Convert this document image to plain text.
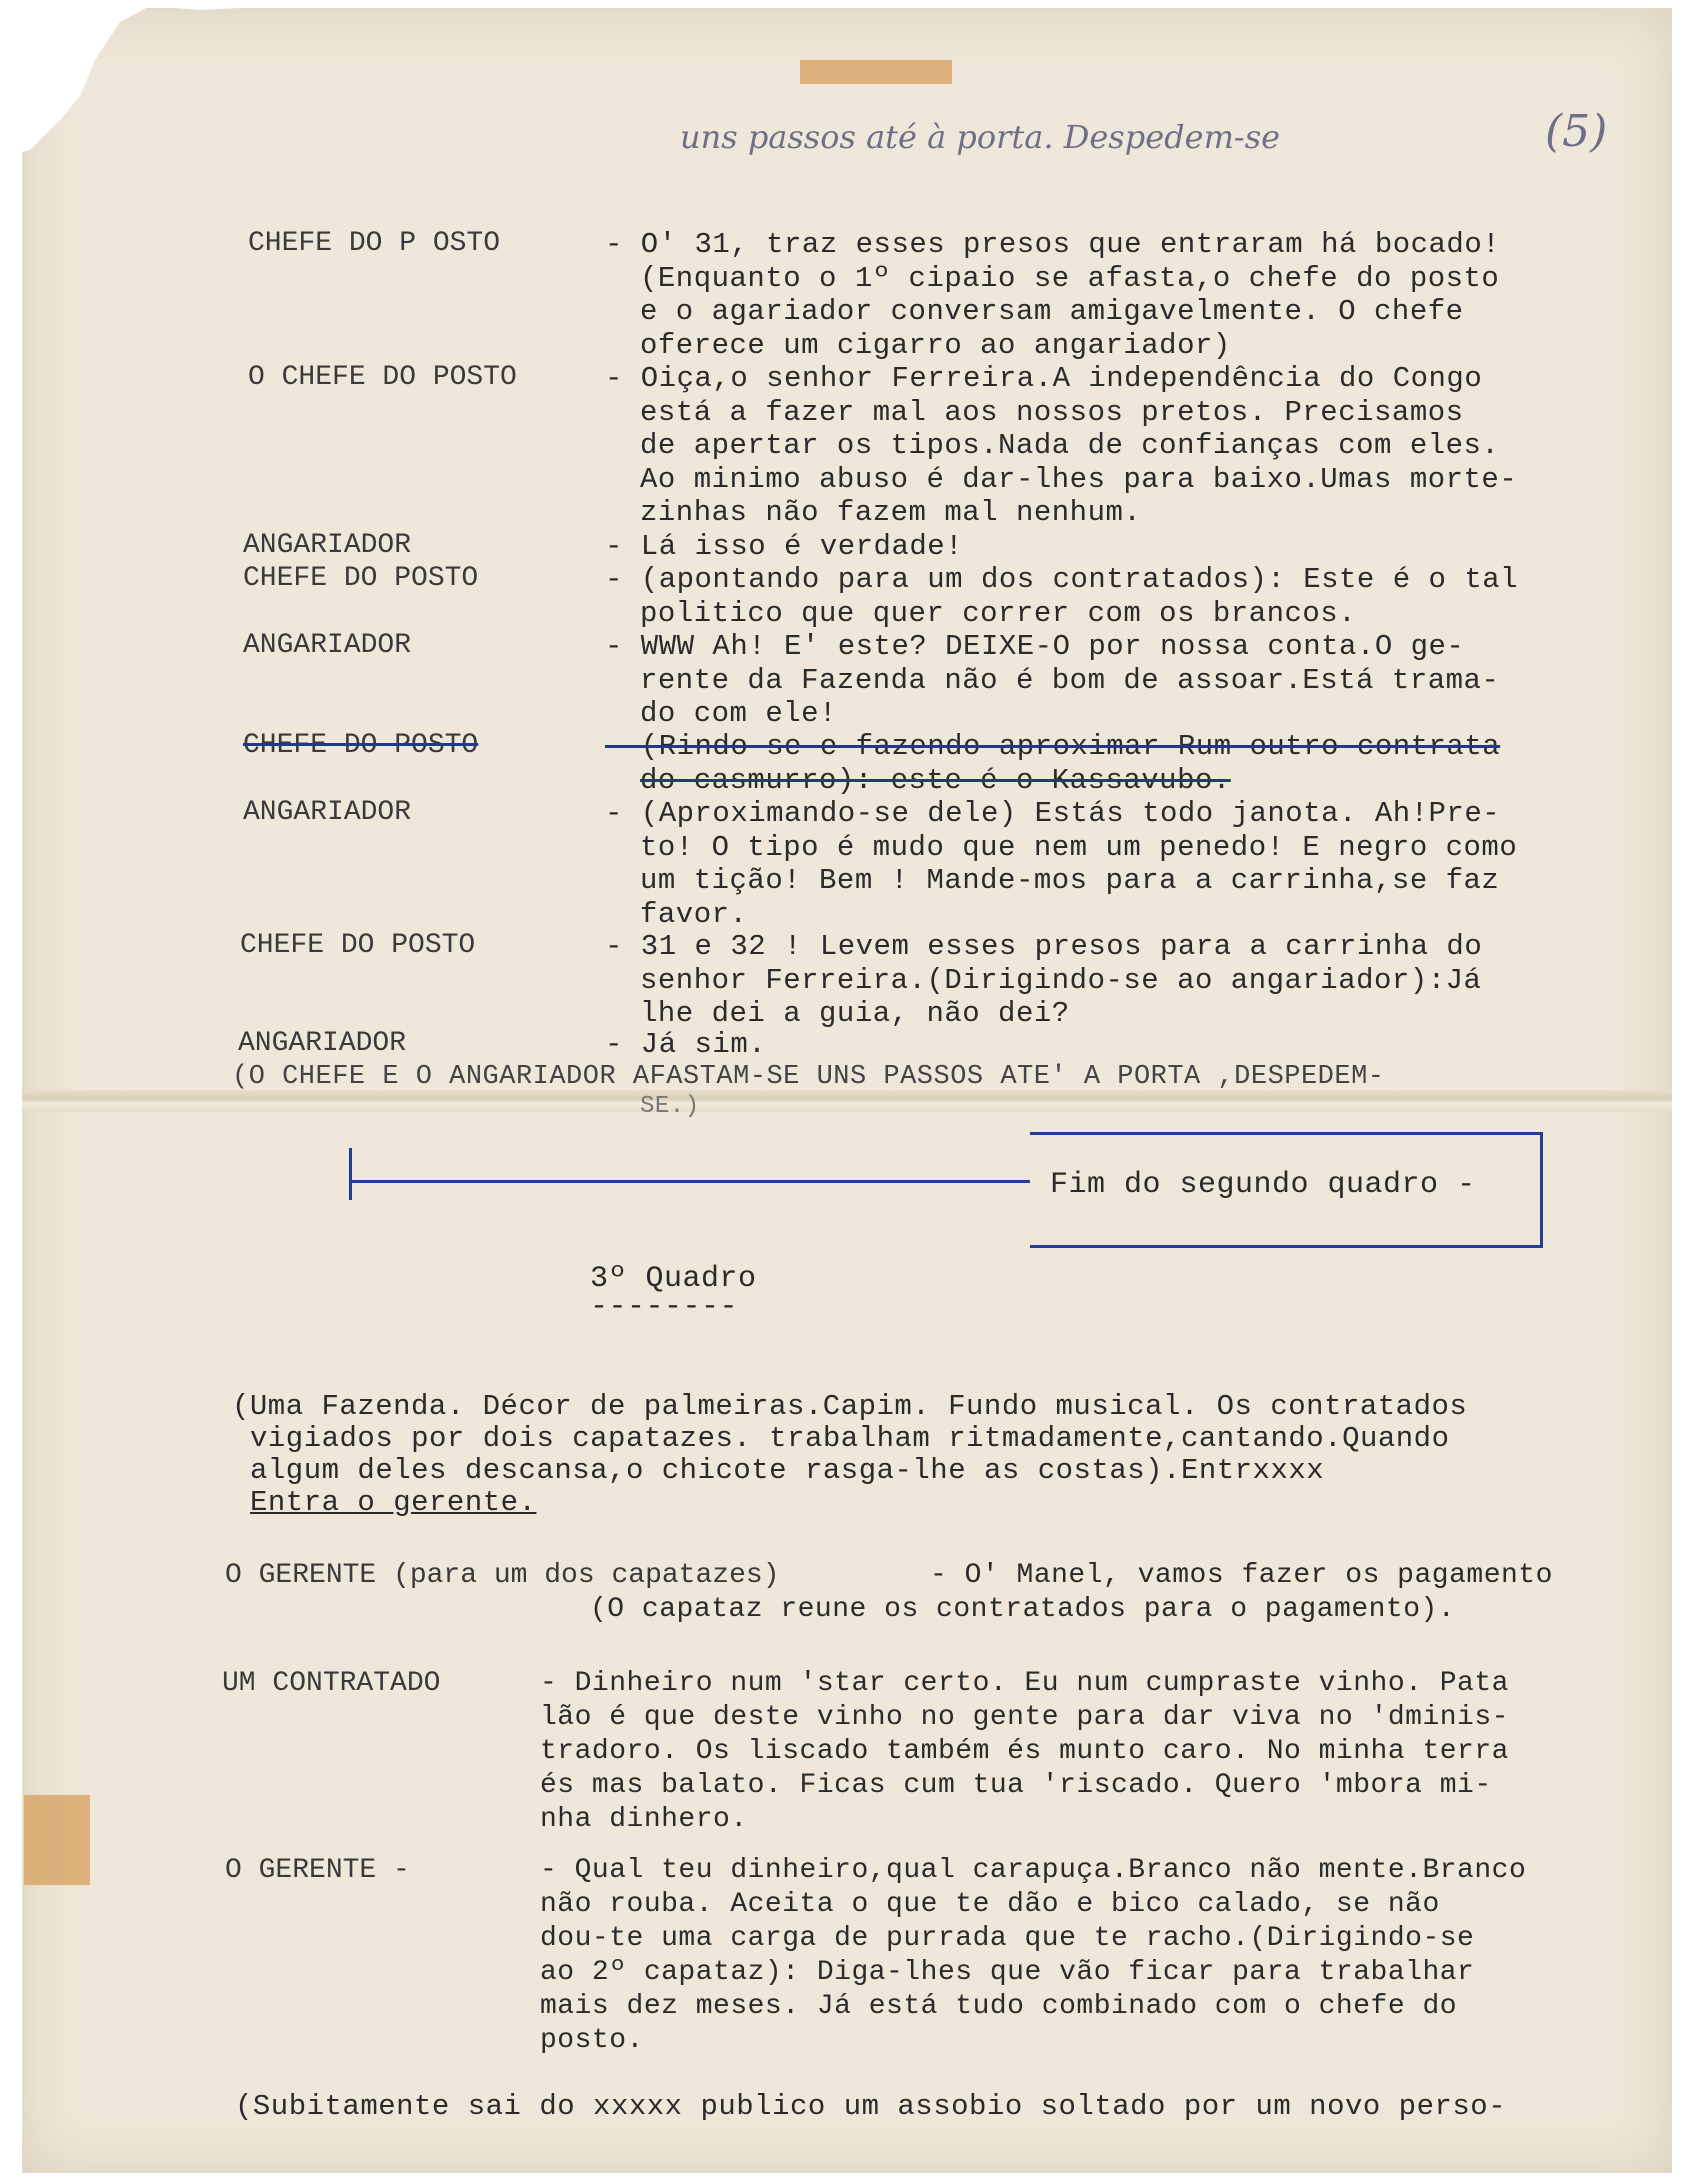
uns passos até à porta. Despedem-se	(5)
CHEFE DO P OSTO	- O' 31, traz esses presos que entraram há bocado!
(Enquanto o 1º cipaio se afasta,o chefe do posto
e o agariador conversam amigavelmente. O chefe
oferece um cigarro ao angariador)
O CHEFE DO POSTO	- Oiça,o senhor Ferreira.A independência do Congo
está a fazer mal aos nossos pretos. Precisamos
de apertar os tipos.Nada de confianças com eles.
Ao minimo abuso é dar-lhes para baixo.Umas morte-
zinhas não fazem mal nenhum.
ANGARIADOR	- Lá isso é verdade!
CHEFE DO POSTO	- (apontando para um dos contratados): Este é o tal
politico que quer correr com os brancos.
ANGARIADOR	- WWW Ah! E' este? DEIXE-O por nossa conta.O ge-
rente da Fazenda não é bom de assoar.Está trama-
do com ele!
CHEFE DO POSTO	- (Rindo-se e fazendo aproximar Rum outro contrata
do casmurro): este é o Kassavubo.
ANGARIADOR	- (Aproximando-se dele) Estás todo janota. Ah!Pre-
to! O tipo é mudo que nem um penedo! E negro como
um tição! Bem ! Mande-mos para a carrinha,se faz
favor.
CHEFE DO POSTO	- 31 e 32 ! Levem esses presos para a carrinha do
senhor Ferreira.(Dirigindo-se ao angariador):Já
lhe dei a guia, não dei?
ANGARIADOR	- Já sim.
(O CHEFE E O ANGARIADOR AFASTAM-SE UNS PASSOS ATE' A PORTA ,DESPEDEM-
SE.)
Fim do segundo quadro -
3º Quadro
--------
(Uma Fazenda. Décor de palmeiras.Capim. Fundo musical. Os contratados
vigiados por dois capatazes. trabalham ritmadamente,cantando.Quando
algum deles descansa,o chicote rasga-lhe as costas).Entrxxxx
Entra o gerente.
O GERENTE (para um dos capatazes)	- O' Manel, vamos fazer os pagamento
(O capataz reune os contratados para o pagamento).
UM CONTRATADO	- Dinheiro num 'star certo. Eu num cumpraste vinho. Pata
lão é que deste vinho no gente para dar viva no 'dminis-
tradoro. Os liscado também és munto caro. No minha terra
és mas balato. Ficas cum tua 'riscado. Quero 'mbora mi-
nha dinhero.
O GERENTE -	- Qual teu dinheiro,qual carapuça.Branco não mente.Branco
não rouba. Aceita o que te dão e bico calado, se não
dou-te uma carga de purrada que te racho.(Dirigindo-se
ao 2º capataz): Diga-lhes que vão ficar para trabalhar
mais dez meses. Já está tudo combinado com o chefe do
posto.
(Subitamente sai do xxxxx publico um assobio soltado por um novo perso-
